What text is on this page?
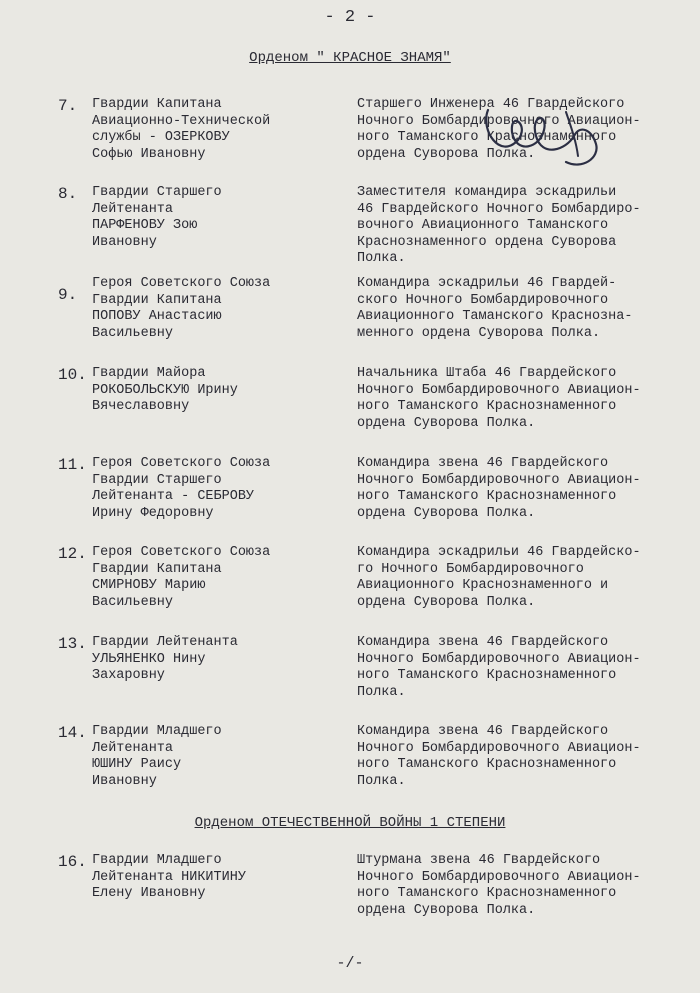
- 2 -
Орденом " КРАСНОЕ ЗНАМЯ"
7.	Гвардии Капитана
Авиационно-Технической
службы - ОЗЕРКОВУ
Софью Ивановну
Старшего Инженера 46 Гвардейского
Ночного Бомбардировочного Авиацион-
ного Таманского Краснознаменного
ордена Суворова Полка.
8.	Гвардии Старшего
Лейтенанта
ПАРФЕНОВУ Зою
Ивановну
Заместителя командира эскадрильи
46 Гвардейского Ночного Бомбардиро-
вочного Авиационного Таманского
Краснознаменного ордена Суворова
Полка.
9.
Героя Советского Союза
Гвардии Капитана
ПОПОВУ Анастасию
Васильевну
Командира эскадрильи 46 Гвардей-
ского Ночного Бомбардировочного
Авиационного Таманского Краснозна-
менного ордена Суворова Полка.
10. Гвардии Майора
РОКОБОЛЬСКУЮ Ирину
Вячеславовну
Начальника Штаба 46 Гвардейского
Ночного Бомбардировочного Авиацион-
ного Таманского Краснознаменного
ордена Суворова Полка.
11. Героя Советского Союза
Гвардии Старшего
Лейтенанта - СЕБРОВУ
Ирину Федоровну
Командира звена 46 Гвардейского
Ночного Бомбардировочного Авиацион-
ного Таманского Краснознаменного
ордена Суворова Полка.
12. Героя Советского Союза
Гвардии Капитана
СМИРНОВУ Марию
Васильевну
Командира эскадрильи 46 Гвардейско-
го Ночного Бомбардировочного
Авиационного Краснознаменного и
ордена Суворова Полка.
13. Гвардии Лейтенанта
УЛЬЯНЕНКО Нину
Захаровну
Командира звена 46 Гвардейского
Ночного Бомбардировочного Авиацион-
ного Таманского Краснознаменного
Полка.
14. Гвардии Младшего
Лейтенанта
ЮШИНУ Раису
Ивановну
Командира звена 46 Гвардейского
Ночного Бомбардировочного Авиацион-
ного Таманского Краснознаменного
Полка.
Орденом ОТЕЧЕСТВЕННОЙ ВОЙНЫ 1 СТЕПЕНИ
16. Гвардии Младшего
Лейтенанта НИКИТИНУ
Елену Ивановну
Штурмана звена 46 Гвардейского
Ночного Бомбардировочного Авиацион-
ного Таманского Краснознаменного
ордена Суворова Полка.
-/-
